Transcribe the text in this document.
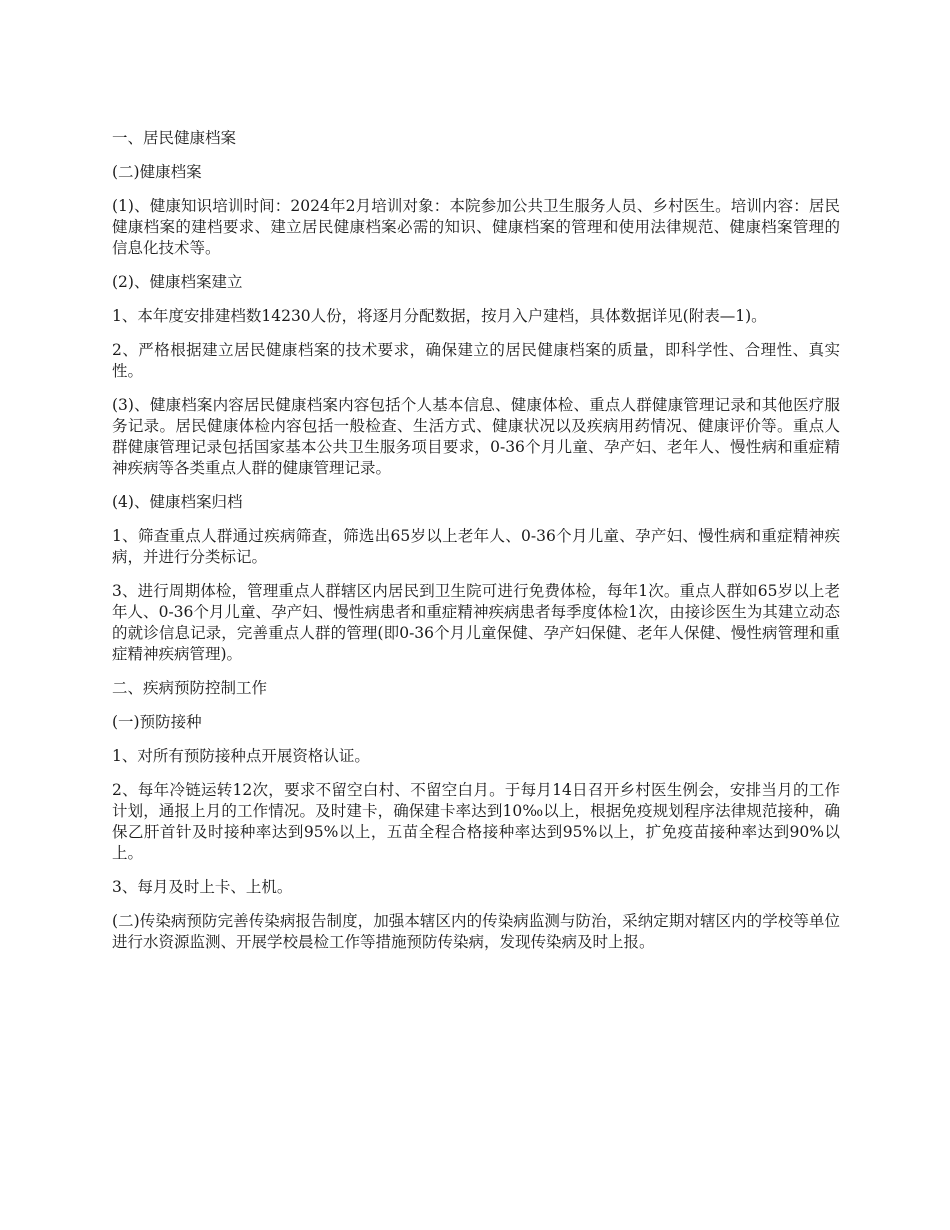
一、居民健康档案

(二)健康档案

(1)、健康知识培训时间：2024年2月培训对象：本院参加公共卫生服务人员、乡村医生。培训内容：居民健康档案的建档要求、建立居民健康档案必需的知识、健康档案的管理和使用法律规范、健康档案管理的信息化技术等。

(2)、健康档案建立

1、本年度安排建档数14230人份，将逐月分配数据，按月入户建档，具体数据详见(附表—1)。

2、严格根据建立居民健康档案的技术要求，确保建立的居民健康档案的质量，即科学性、合理性、真实性。

(3)、健康档案内容居民健康档案内容包括个人基本信息、健康体检、重点人群健康管理记录和其他医疗服务记录。居民健康体检内容包括一般检查、生活方式、健康状况以及疾病用药情况、健康评价等。重点人群健康管理记录包括国家基本公共卫生服务项目要求，0-36个月儿童、孕产妇、老年人、慢性病和重症精神疾病等各类重点人群的健康管理记录。

(4)、健康档案归档

1、筛查重点人群通过疾病筛查，筛选出65岁以上老年人、0-36个月儿童、孕产妇、慢性病和重症精神疾病，并进行分类标记。

3、进行周期体检，管理重点人群辖区内居民到卫生院可进行免费体检，每年1次。重点人群如65岁以上老年人、0-36个月儿童、孕产妇、慢性病患者和重症精神疾病患者每季度体检1次，由接诊医生为其建立动态的就诊信息记录，完善重点人群的管理(即0-36个月儿童保健、孕产妇保健、老年人保健、慢性病管理和重症精神疾病管理)。

二、疾病预防控制工作

(一)预防接种

1、对所有预防接种点开展资格认证。

2、每年冷链运转12次，要求不留空白村、不留空白月。于每月14日召开乡村医生例会，安排当月的工作计划，通报上月的工作情况。及时建卡，确保建卡率达到10‰以上，根据免疫规划程序法律规范接种，确保乙肝首针及时接种率达到95%以上，五苗全程合格接种率达到95%以上，扩免疫苗接种率达到90%以上。

3、每月及时上卡、上机。

(二)传染病预防完善传染病报告制度，加强本辖区内的传染病监测与防治，采纳定期对辖区内的学校等单位进行水资源监测、开展学校晨检工作等措施预防传染病，发现传染病及时上报。
